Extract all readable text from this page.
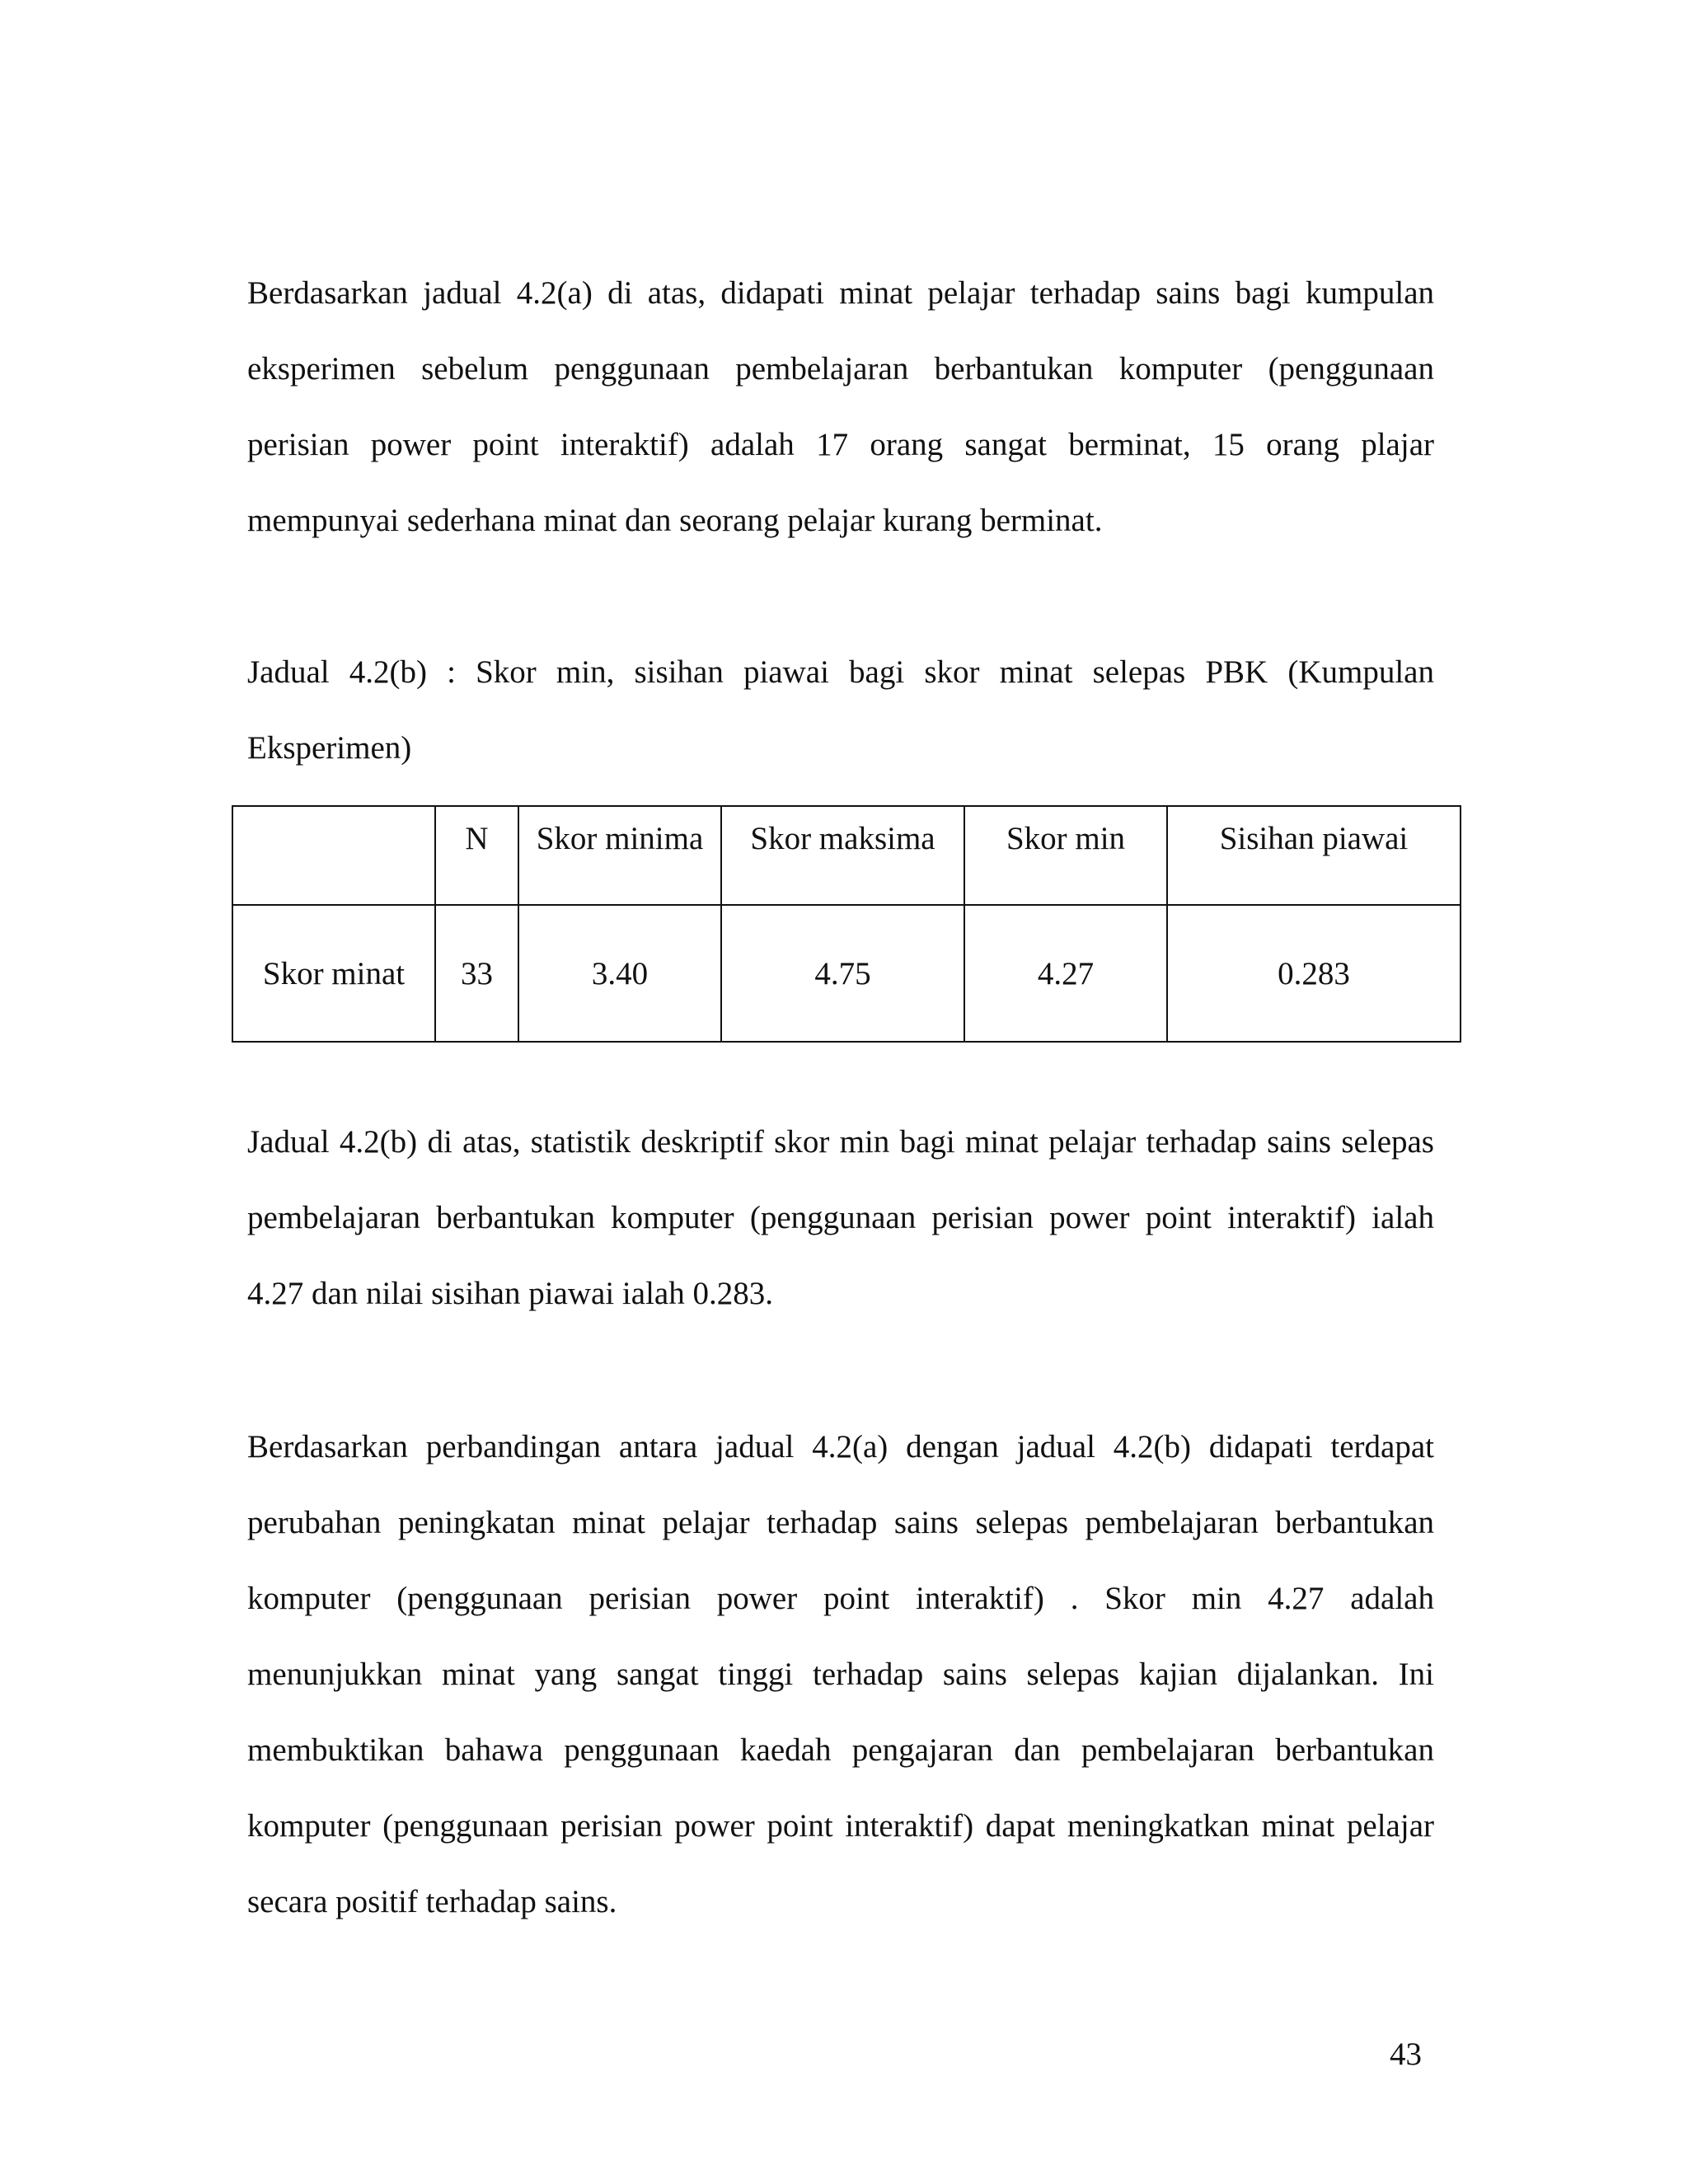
Berdasarkan jadual 4.2(a) di atas, didapati minat pelajar terhadap sains bagi kumpulan eksperimen sebelum penggunaan pembelajaran berbantukan komputer (penggunaan perisian power point interaktif) adalah 17 orang sangat berminat, 15 orang plajar mempunyai sederhana minat dan seorang pelajar kurang berminat.

Jadual 4.2(b) : Skor min, sisihan piawai bagi skor minat selepas PBK (Kumpulan Eksperimen)

	N	Skor minima	Skor maksima	Skor min	Sisihan piawai
Skor minat	33	3.40	4.75	4.27	0.283

Jadual 4.2(b) di atas, statistik deskriptif skor min bagi minat pelajar terhadap sains selepas pembelajaran berbantukan komputer (penggunaan perisian power point interaktif) ialah 4.27 dan nilai sisihan piawai ialah 0.283.

Berdasarkan perbandingan antara jadual 4.2(a) dengan jadual 4.2(b) didapati terdapat perubahan peningkatan minat pelajar terhadap sains selepas pembelajaran berbantukan komputer (penggunaan perisian power point interaktif) . Skor min 4.27 adalah menunjukkan minat yang sangat tinggi terhadap sains selepas kajian dijalankan. Ini membuktikan bahawa penggunaan kaedah pengajaran dan pembelajaran berbantukan komputer (penggunaan perisian power point interaktif) dapat meningkatkan minat pelajar secara positif terhadap sains.

43
